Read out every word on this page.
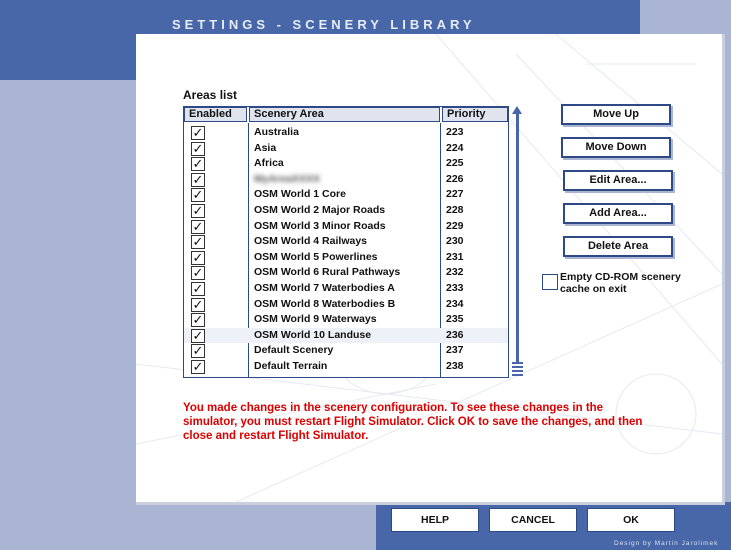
SETTINGS - SCENERY LIBRARY
Areas list
Enabled	Scenery Area	Priority
✓	Australia	223
✓	Asia	224
✓	Africa	225
✓	MyAreaXXXX	226
✓	OSM World 1 Core	227
✓	OSM World 2 Major Roads	228
✓	OSM World 3 Minor Roads	229
✓	OSM World 4 Railways	230
✓	OSM World 5 Powerlines	231
✓	OSM World 6 Rural Pathways	232
✓	OSM World 7 Waterbodies A	233
✓	OSM World 8 Waterbodies B	234
✓	OSM World 9 Waterways	235
✓	OSM World 10 Landuse	236
✓	Default Scenery	237
✓	Default Terrain	238
Move Up
Move Down
Edit Area...
Add Area...
Delete Area
Empty CD-ROM scenery cache on exit
You made changes in the scenery configuration. To see these changes in the simulator, you must restart Flight Simulator. Click OK to save the changes, and then close and restart Flight Simulator.
HELP	CANCEL	OK
Design by Martin Jarolimek
